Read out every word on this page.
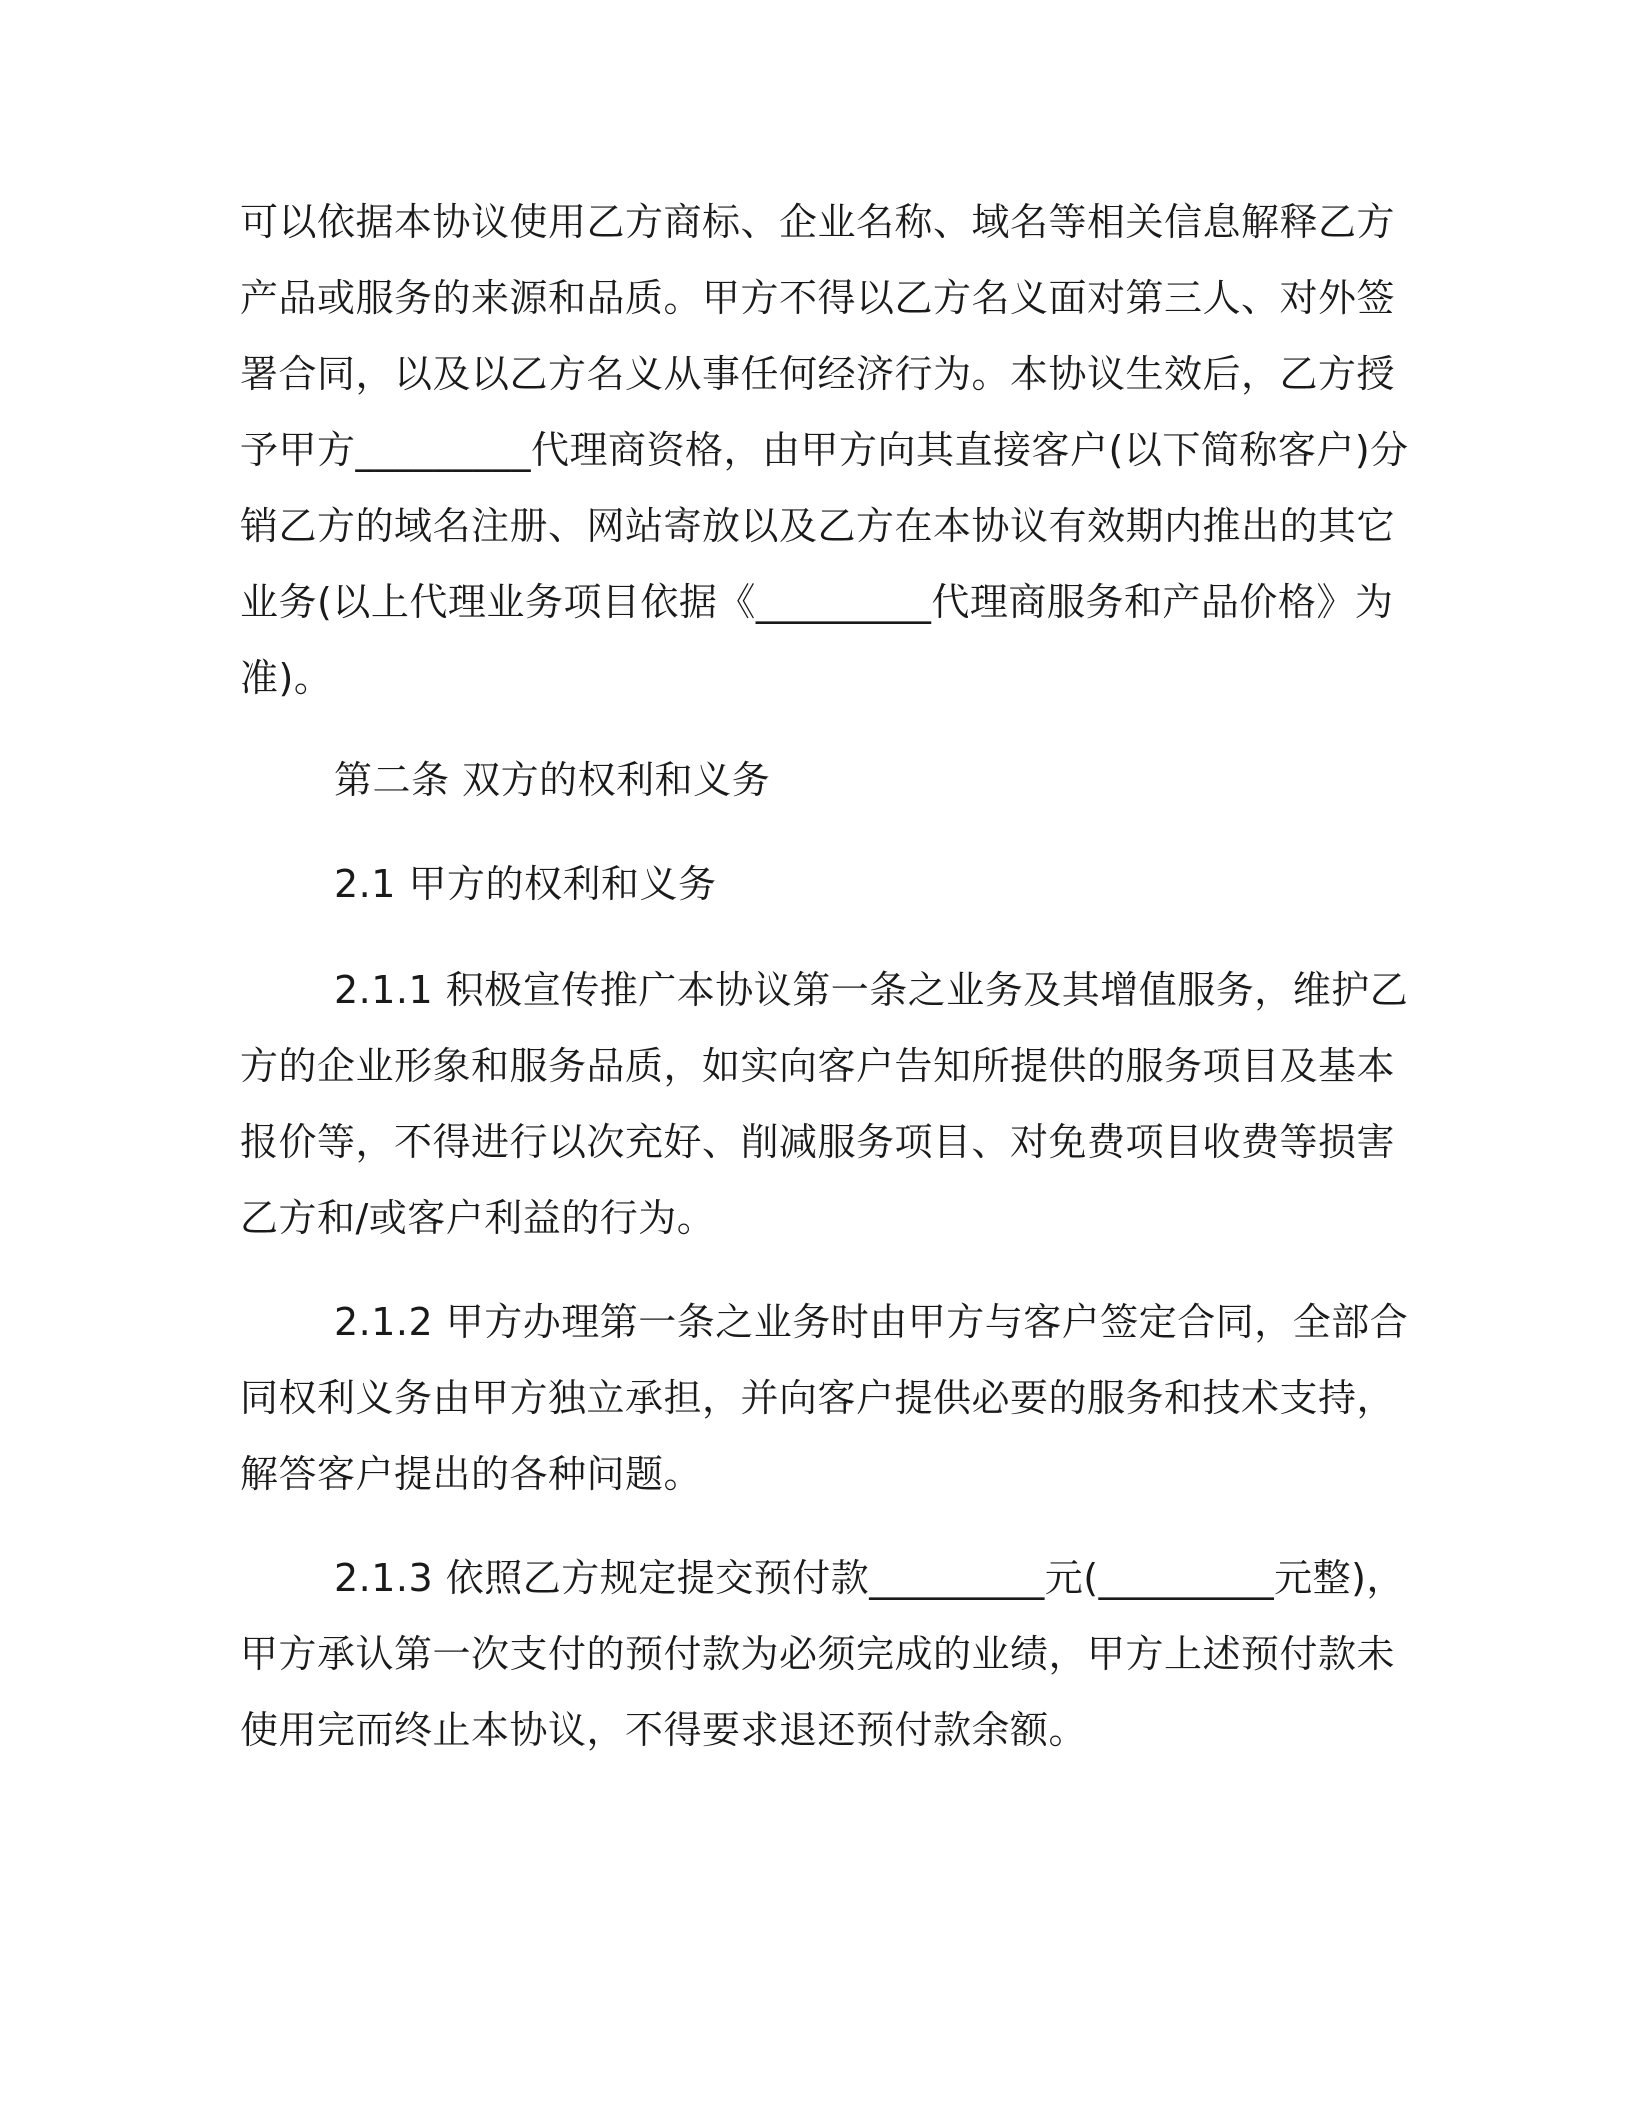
可以依据本协议使用乙方商标、企业名称、域名等相关信息解释乙方
产品或服务的来源和品质。甲方不得以乙方名义面对第三人、对外签
署合同，以及以乙方名义从事任何经济行为。本协议生效后，乙方授
予甲方_________代理商资格，由甲方向其直接客户(以下简称客户)分
销乙方的域名注册、网站寄放以及乙方在本协议有效期内推出的其它
业务(以上代理业务项目依据《_________代理商服务和产品价格》为
准)。
第二条 双方的权利和义务
2.1 甲方的权利和义务
2.1.1 积极宣传推广本协议第一条之业务及其增值服务，维护乙
方的企业形象和服务品质，如实向客户告知所提供的服务项目及基本
报价等，不得进行以次充好、削减服务项目、对免费项目收费等损害
乙方和/或客户利益的行为。
2.1.2 甲方办理第一条之业务时由甲方与客户签定合同，全部合
同权利义务由甲方独立承担，并向客户提供必要的服务和技术支持，
解答客户提出的各种问题。
2.1.3 依照乙方规定提交预付款_________元(_________元整)，
甲方承认第一次支付的预付款为必须完成的业绩，甲方上述预付款未
使用完而终止本协议，不得要求退还预付款余额。
